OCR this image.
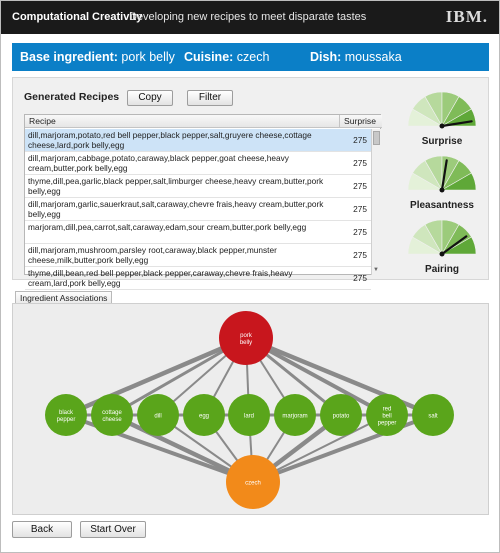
Computational Creativity
Developing new recipes to meet disparate tastes	IBM.
Base ingredient: pork belly Cuisine: czech	Dish: moussaka
Generated Recipes	Copy	Filter
Recipe	Surprise
dill,marjoram,potato,red bell pepper,black pepper,salt,gruyere cheese,cottage cheese,lard,pork belly,egg	275
dill,marjoram,cabbage,potato,caraway,black pepper,goat cheese,heavy cream,butter,pork belly,egg	275
thyme,dill,pea,garlic,black pepper,salt,limburger cheese,heavy cream,butter,pork belly,egg	275
dill,marjoram,garlic,sauerkraut,salt,caraway,chevre frais,heavy cream,butter,pork belly,egg	275
marjoram,dill,pea,carrot,salt,caraway,edam,sour cream,butter,pork belly,egg	275
dill,marjoram,mushroom,parsley root,caraway,black pepper,munster cheese,milk,butter,pork belly,egg	275
thyme,dill,bean,red bell pepper,black pepper,caraway,chevre frais,heavy cream,lard,pork belly,egg	275
▼
Surprise
Pleasantness
Pairing
Ingredient Associations
pork
belly
czech
black
pepper
cottage
cheese
dill	egg	lard	marjoram	potato
red
bell
pepper
salt
Back	Start Over
